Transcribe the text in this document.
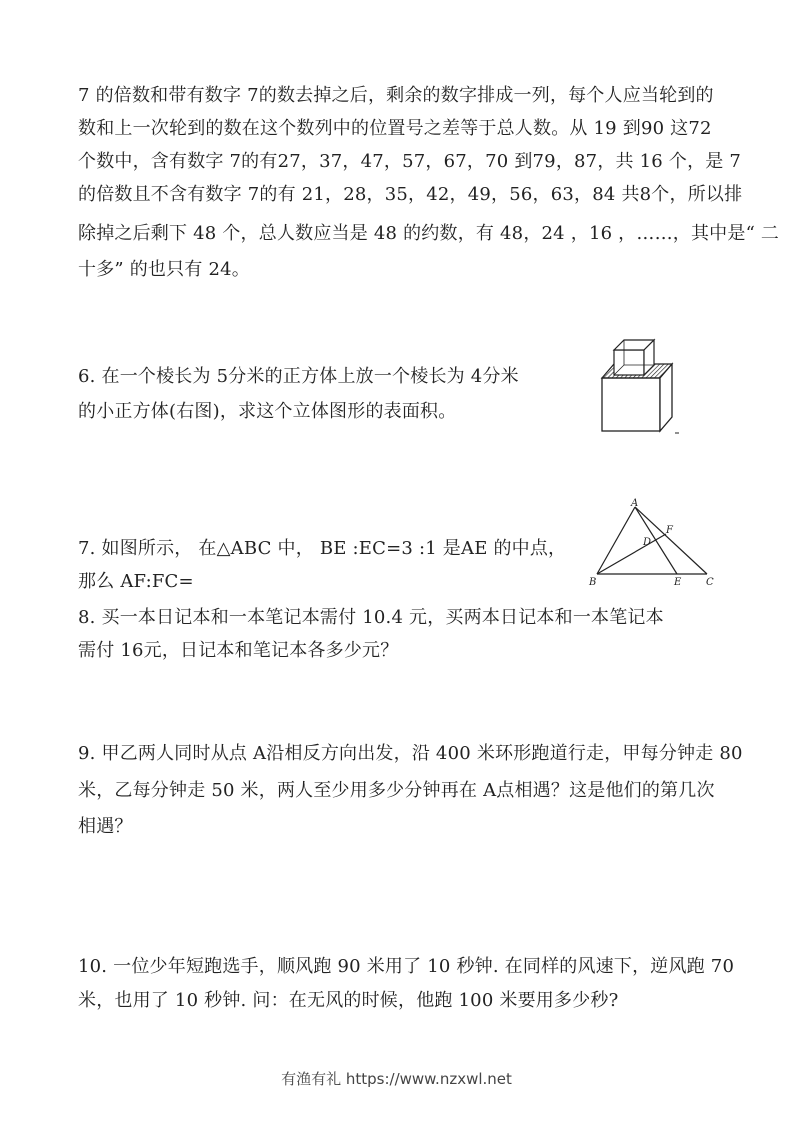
7 的倍数和带有数字 7的数去掉之后，剩余的数字排成一列，每个人应当轮到的
数和上一次轮到的数在这个数列中的位置号之差等于总人数。从 19 到90 这72
个数中，含有数字 7的有27，37，47，57，67，70 到79，87，共 16 个，是 7
的倍数且不含有数字 7的有 21，28，35，42，49，56，63，84 共8个，所以排
除掉之后剩下 48 个，总人数应当是 48 的约数，有 48，24 ，16 ，……，其中是“ 二
十多” 的也只有 24。
6. 在一个棱长为 5分米的正方体上放一个棱长为 4分米
的小正方体(右图)，求这个立体图形的表面积。
7. 如图所示， 在△ABC 中， BE :EC=3 :1 是AE 的中点，
那么 AF:FC=
A
B	C
D
E
F
8. 买一本日记本和一本笔记本需付 10.4 元，买两本日记本和一本笔记本
需付 16元，日记本和笔记本各多少元？
9. 甲乙两人同时从点 A沿相反方向出发，沿 400 米环形跑道行走，甲每分钟走 80
米，乙每分钟走 50 米，两人至少用多少分钟再在 A点相遇？这是他们的第几次
相遇？
10. 一位少年短跑选手，顺风跑 90 米用了 10 秒钟. 在同样的风速下，逆风跑 70
米，也用了 10 秒钟. 问：在无风的时候，他跑 100 米要用多少秒?
有渔有礼 https://www.nzxwl.net
